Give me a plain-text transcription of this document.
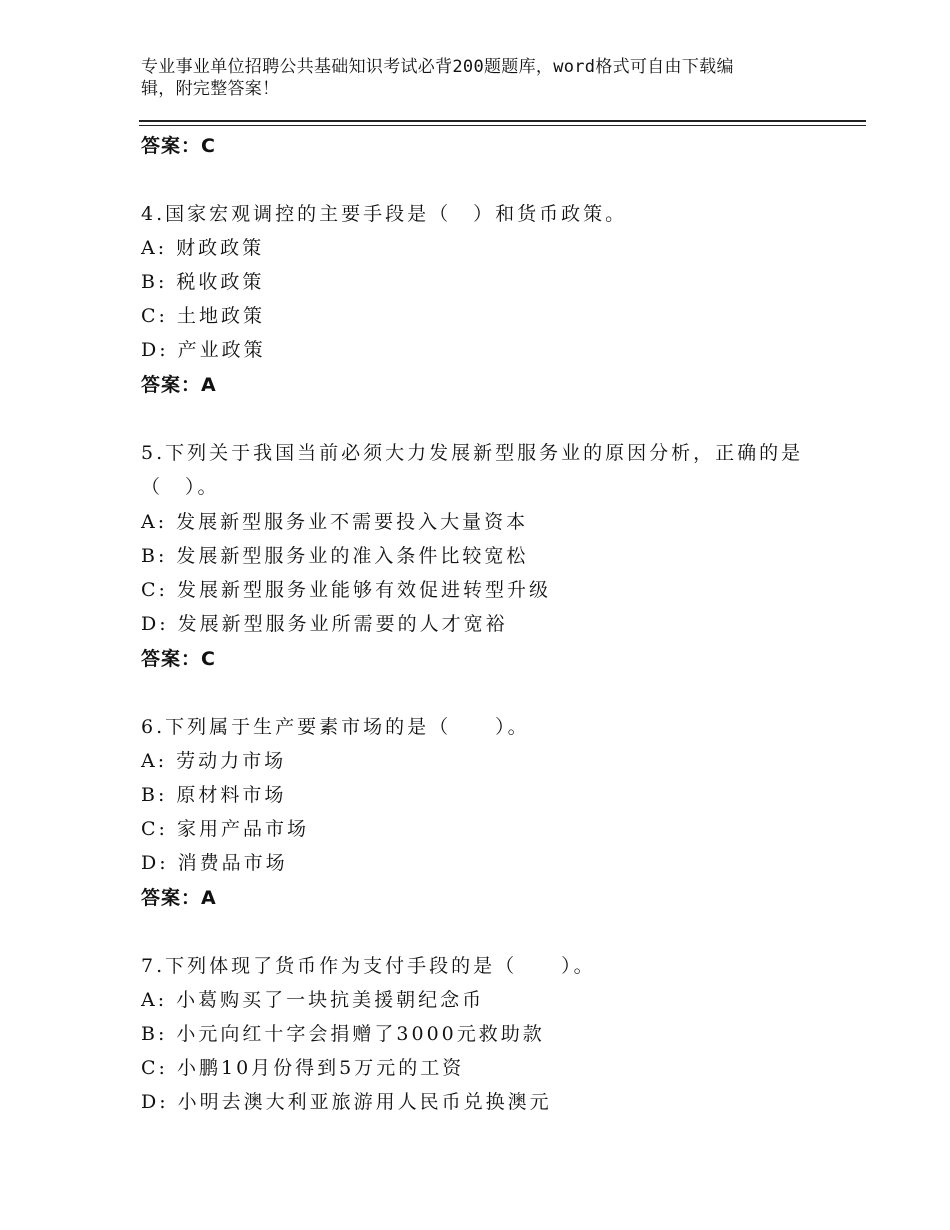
专业事业单位招聘公共基础知识考试必背200题题库，word格式可自由下载编
辑，附完整答案！
答案：C
4.国家宏观调控的主要手段是（　）和货币政策。
A: 财政政策
B: 税收政策
C: 土地政策
D: 产业政策
答案：A
5.下列关于我国当前必须大力发展新型服务业的原因分析，正确的是
（　）。
A: 发展新型服务业不需要投入大量资本
B: 发展新型服务业的准入条件比较宽松
C: 发展新型服务业能够有效促进转型升级
D: 发展新型服务业所需要的人才宽裕
答案：C
6.下列属于生产要素市场的是（　　）。
A: 劳动力市场
B: 原材料市场
C: 家用产品市场
D: 消费品市场
答案：A
7.下列体现了货币作为支付手段的是（　　）。
A: 小葛购买了一块抗美援朝纪念币
B: 小元向红十字会捐赠了3000元救助款
C: 小鹏10月份得到5万元的工资
D: 小明去澳大利亚旅游用人民币兑换澳元
